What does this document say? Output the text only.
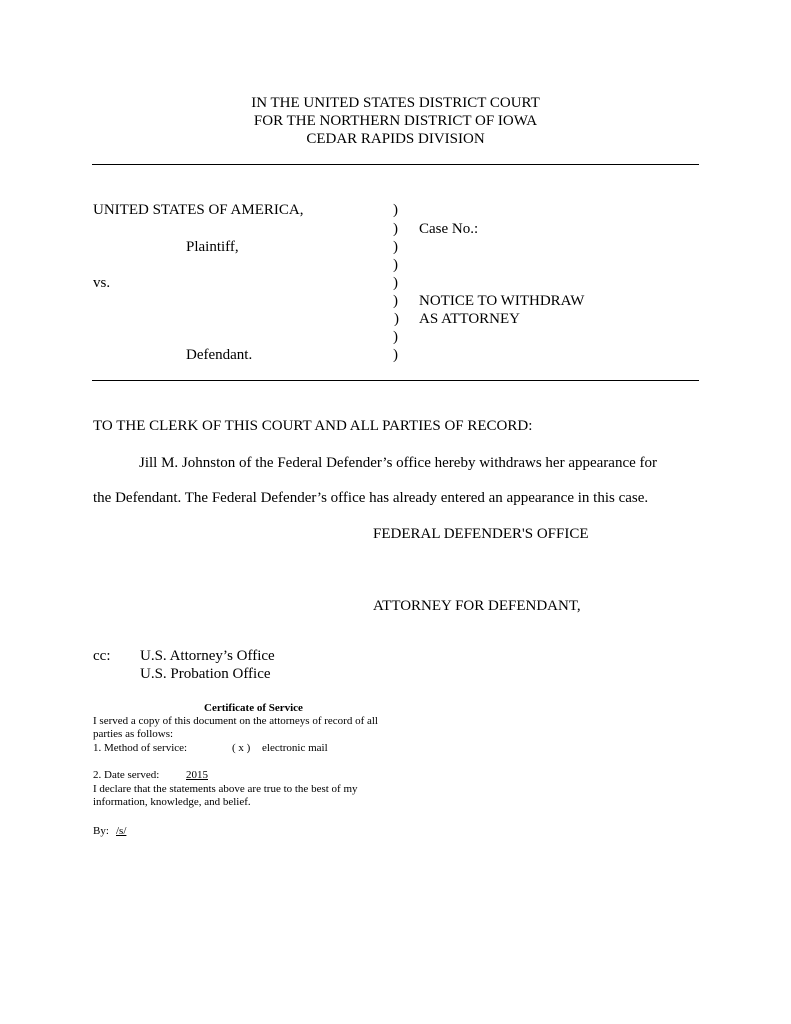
IN THE UNITED STATES DISTRICT COURT
FOR THE NORTHERN DISTRICT OF IOWA
CEDAR RAPIDS DIVISION
UNITED STATES OF AMERICA,
Plaintiff,
vs.
Defendant.
)
)
)
)
)
)
)
)
)
Case No.:
NOTICE TO WITHDRAW
AS ATTORNEY
TO THE CLERK OF THIS COURT AND ALL PARTIES OF RECORD:
Jill M. Johnston of the Federal Defender’s office hereby withdraws her appearance for
the Defendant. The Federal Defender’s office has already entered an appearance in this case.
FEDERAL DEFENDER'S OFFICE
ATTORNEY FOR DEFENDANT,
cc: U.S. Attorney’s Office
U.S. Probation Office
Certificate of Service
I served a copy of this document on the attorneys of record of all
parties as follows:
1. Method of service:	( x ) electronic mail
2. Date served: 2015
I declare that the statements above are true to the best of my
information, knowledge, and belief.
By: /s/
